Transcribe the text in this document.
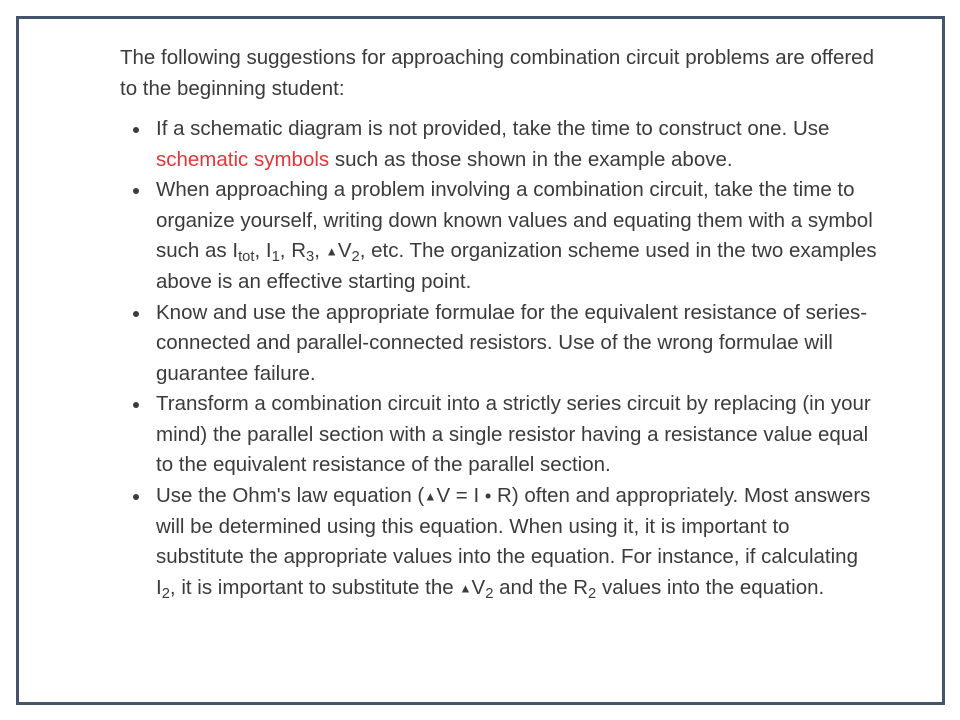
The following suggestions for approaching combination circuit problems are offered to the beginning student:

If a schematic diagram is not provided, take the time to construct one. Use schematic symbols such as those shown in the example above.
When approaching a problem involving a combination circuit, take the time to organize yourself, writing down known values and equating them with a symbol such as $I_{tot}$, $I_1$, $R_3$, $▲V_2$, etc. The organization scheme used in the two examples above is an effective starting point.
Know and use the appropriate formulae for the equivalent resistance of series-connected and parallel-connected resistors. Use of the wrong formulae will guarantee failure.
Transform a combination circuit into a strictly series circuit by replacing (in your mind) the parallel section with a single resistor having a resistance value equal to the equivalent resistance of the parallel section.
Use the Ohm's law equation (▲V = I • R) often and appropriately. Most answers will be determined using this equation. When using it, it is important to substitute the appropriate values into the equation. For instance, if calculating $I_2$, it is important to substitute the $▲V_2$ and the $R_2$ values into the equation.
